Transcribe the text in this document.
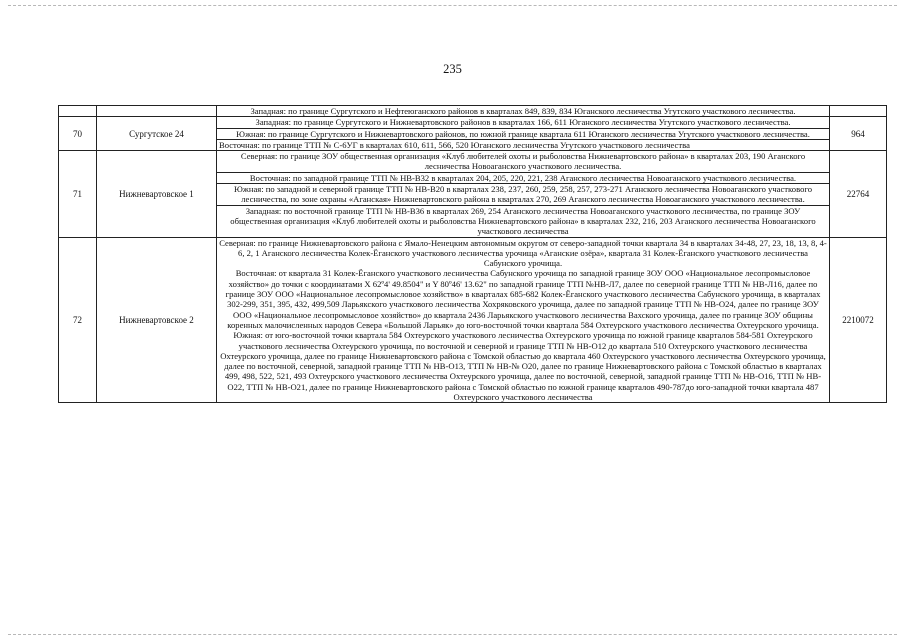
235
		Западная: по границе Сургутского и Нефтеюганского районов в кварталах 849, 839, 834 Юганского лесничества Угутского участкового лесничества.	
70	Сургутское 24	Западная: по границе Сургутского и Нижневартовского районов в кварталах 166, 611 Юганского лесничества Угутского участкового лесничества.	964
		Южная: по границе Сургутского и Нижневартовского районов, по южной границе квартала 611 Юганского лесничества Угутского участкового лесничества.	
		Восточная: по границе ТТП № С-6УГ в кварталах 610, 611, 566, 520 Юганского лесничества Угутского участкового лесничества	
71	Нижневартовское 1	Северная: по границе ЗОУ общественная организация «Клуб любителей охоты и рыболовства Нижневартовского района» в кварталах 203, 190 Аганского лесничества Новоаганского участкового лесничества.	22764
		Восточная: по западной границе ТТП № НВ-В32 в кварталах 204, 205, 220, 221, 238 Аганского лесничества Новоаганского участкового лесничества.	
		Южная: по западной и северной границе ТТП № НВ-В20 в кварталах 238, 237, 260, 259, 258, 257, 273-271 Аганского лесничества Новоаганского участкового лесничества, по зоне охраны «Аганская» Нижневартовского района в кварталах 270, 269 Аганского лесничества Новоаганского участкового лесничества.	
		Западная: по восточной границе ТТП № НВ-В36 в кварталах 269, 254 Аганского лесничества Новоаганского участкового лесничества, по границе ЗОУ общественная организация «Клуб любителей охоты и рыболовства Нижневартовского района» в кварталах 232, 216, 203 Аганского лесничества Новоаганского участкового лесничества	
72	Нижневартовское 2	Северная: по границе Нижневартовского района с Ямало-Ненецким автономным округом от северо-западной точки квартала 34 в кварталах 34-48, 27, 23, 18, 13, 8, 4-6, 2, 1 Аганского лесничества Колек-Ёганского участкового лесничества урочища «Аганские озёра», квартала 31 Колек-Ёганского участкового лесничества Сабунского урочища.
Восточная: от квартала 31 Колек-Ёганского участкового лесничества Сабунского урочища по западной границе ЗОУ ООО «Национальное лесопромысловое хозяйство» до точки с координатами X 62º4' 49.8504" и Y 80º46' 13.62" по западной границе ТТП №НВ-Л7, далее по северной границе ТТП № НВ-Л16, далее по границе ЗОУ ООО «Национальное лесопромысловое хозяйство» в кварталах 685-682 Колек-Ёганского участкового лесничества Сабунского урочища, в кварталах 302-299, 351, 395, 432, 499,509 Ларьякского участкового лесничества Хохряковского урочища, далее по западной границе ТТП № НВ-О24, далее по границе ЗОУ ООО «Национальное лесопромысловое хозяйство» до квартала 2436 Ларьякского участкового лесничества Вахского урочища, далее по границе ЗОУ общины коренных малочисленных народов Севера «Большой Ларьяк» до юго-восточной точки квартала 584 Охтеурского участкового лесничества Охтеурского урочища.
Южная: от юго-восточной точки квартала 584 Охтеурского участкового лесничества Охтеурского урочища по южной границе кварталов 584-581 Охтеурского участкового лесничества Охтеурского урочища, по восточной и северной и границе ТТП № НВ-О12 до квартала 510 Охтеурского участкового лесничества Охтеурского урочища, далее по границе Нижневартовского района с Томской областью до квартала 460 Охтеурского участкового лесничества Охтеурского урочища, далее по восточной, северной, западной границе ТТП № НВ-О13, ТТП № НВ-№ О20, далее по границе Нижневартовского района с Томской областью в кварталах 499, 498, 522, 521, 493 Охтеурского участкового лесничества Охтеурского урочища, далее по восточной, северной, западной границе ТТП № НВ-О16, ТТП № НВ-О22, ТТП № НВ-О21, далее по границе Нижневартовского района с Томской областью по южной границе кварталов 490-787до юго-западной точки квартала 487 Охтеурского участкового лесничества	2210072
